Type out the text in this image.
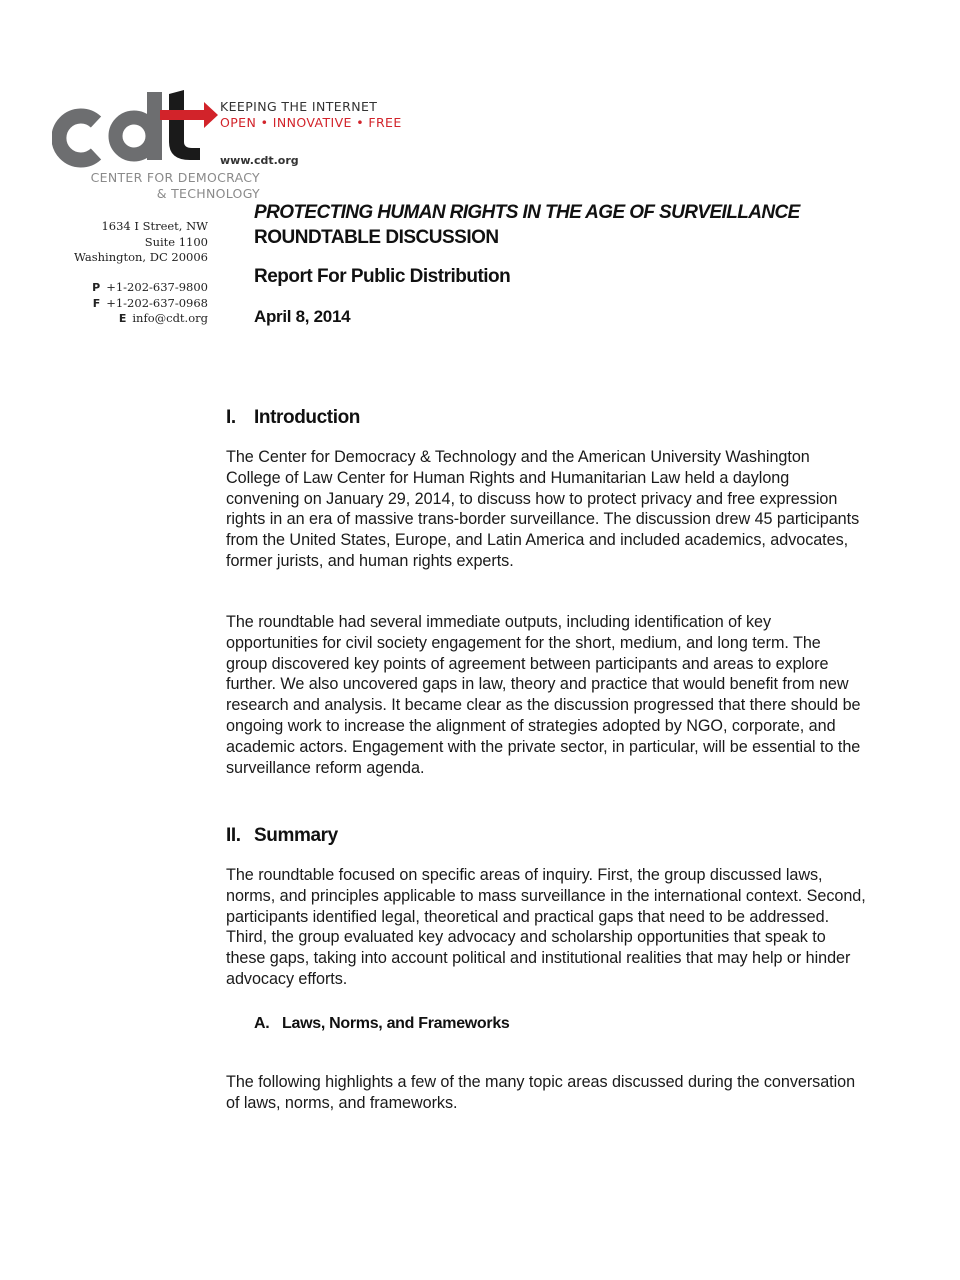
CENTER FOR DEMOCRACY
& TECHNOLOGY
KEEPING THE INTERNET
OPEN • INNOVATIVE • FREE
www.cdt.org
1634 I Street, NW
Suite 1100
Washington, DC 20006
P +1-202-637-9800
F +1-202-637-0968
E info@cdt.org
PROTECTING HUMAN RIGHTS IN THE AGE OF SURVEILLANCE
ROUNDTABLE DISCUSSION
Report For Public Distribution
April 8, 2014
I. Introduction
The Center for Democracy & Technology and the American University Washington College of Law Center for Human Rights and Humanitarian Law held a daylong convening on January 29, 2014, to discuss how to protect privacy and free expression rights in an era of massive trans-border surveillance. The discussion drew 45 participants from the United States, Europe, and Latin America and included academics, advocates, former jurists, and human rights experts.
The roundtable had several immediate outputs, including identification of key opportunities for civil society engagement for the short, medium, and long term. The group discovered key points of agreement between participants and areas to explore further. We also uncovered gaps in law, theory and practice that would benefit from new research and analysis. It became clear as the discussion progressed that there should be ongoing work to increase the alignment of strategies adopted by NGO, corporate, and academic actors. Engagement with the private sector, in particular, will be essential to the surveillance reform agenda.
II. Summary
The roundtable focused on specific areas of inquiry. First, the group discussed laws, norms, and principles applicable to mass surveillance in the international context. Second, participants identified legal, theoretical and practical gaps that need to be addressed. Third, the group evaluated key advocacy and scholarship opportunities that speak to these gaps, taking into account political and institutional realities that may help or hinder advocacy efforts.
A. Laws, Norms, and Frameworks
The following highlights a few of the many topic areas discussed during the conversation of laws, norms, and frameworks.
